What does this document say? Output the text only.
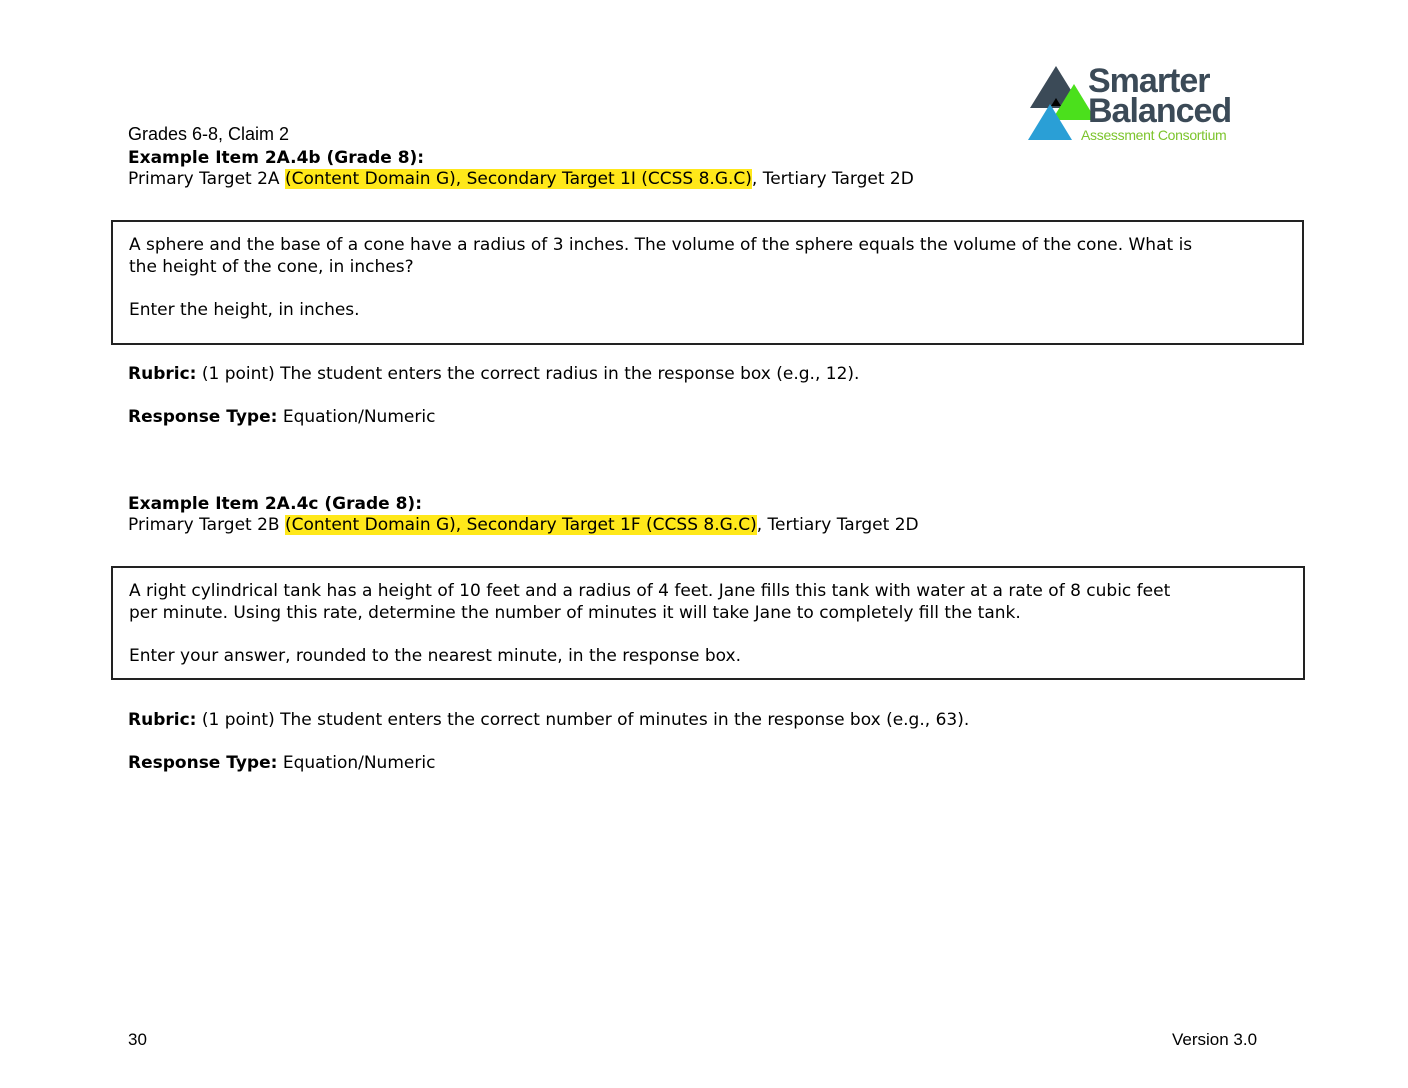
Smarter
Balanced
Assessment Consortium
Grades 6-8, Claim 2
Example Item 2A.4b (Grade 8):
Primary Target 2A (Content Domain G), Secondary Target 1I (CCSS 8.G.C), Tertiary Target 2D

A sphere and the base of a cone have a radius of 3 inches. The volume of the sphere equals the volume of the cone. What is

the height of the cone, in inches?

Enter the height, in inches.

Rubric: (1 point) The student enters the correct radius in the response box (e.g., 12).
Response Type: Equation/Numeric
Example Item 2A.4c (Grade 8):
Primary Target 2B (Content Domain G), Secondary Target 1F (CCSS 8.G.C), Tertiary Target 2D

A right cylindrical tank has a height of 10 feet and a radius of 4 feet. Jane fills this tank with water at a rate of 8 cubic feet

per minute. Using this rate, determine the number of minutes it will take Jane to completely fill the tank.

Enter your answer, rounded to the nearest minute, in the response box.

Rubric: (1 point) The student enters the correct number of minutes in the response box (e.g., 63).
Response Type: Equation/Numeric
30	Version 3.0
